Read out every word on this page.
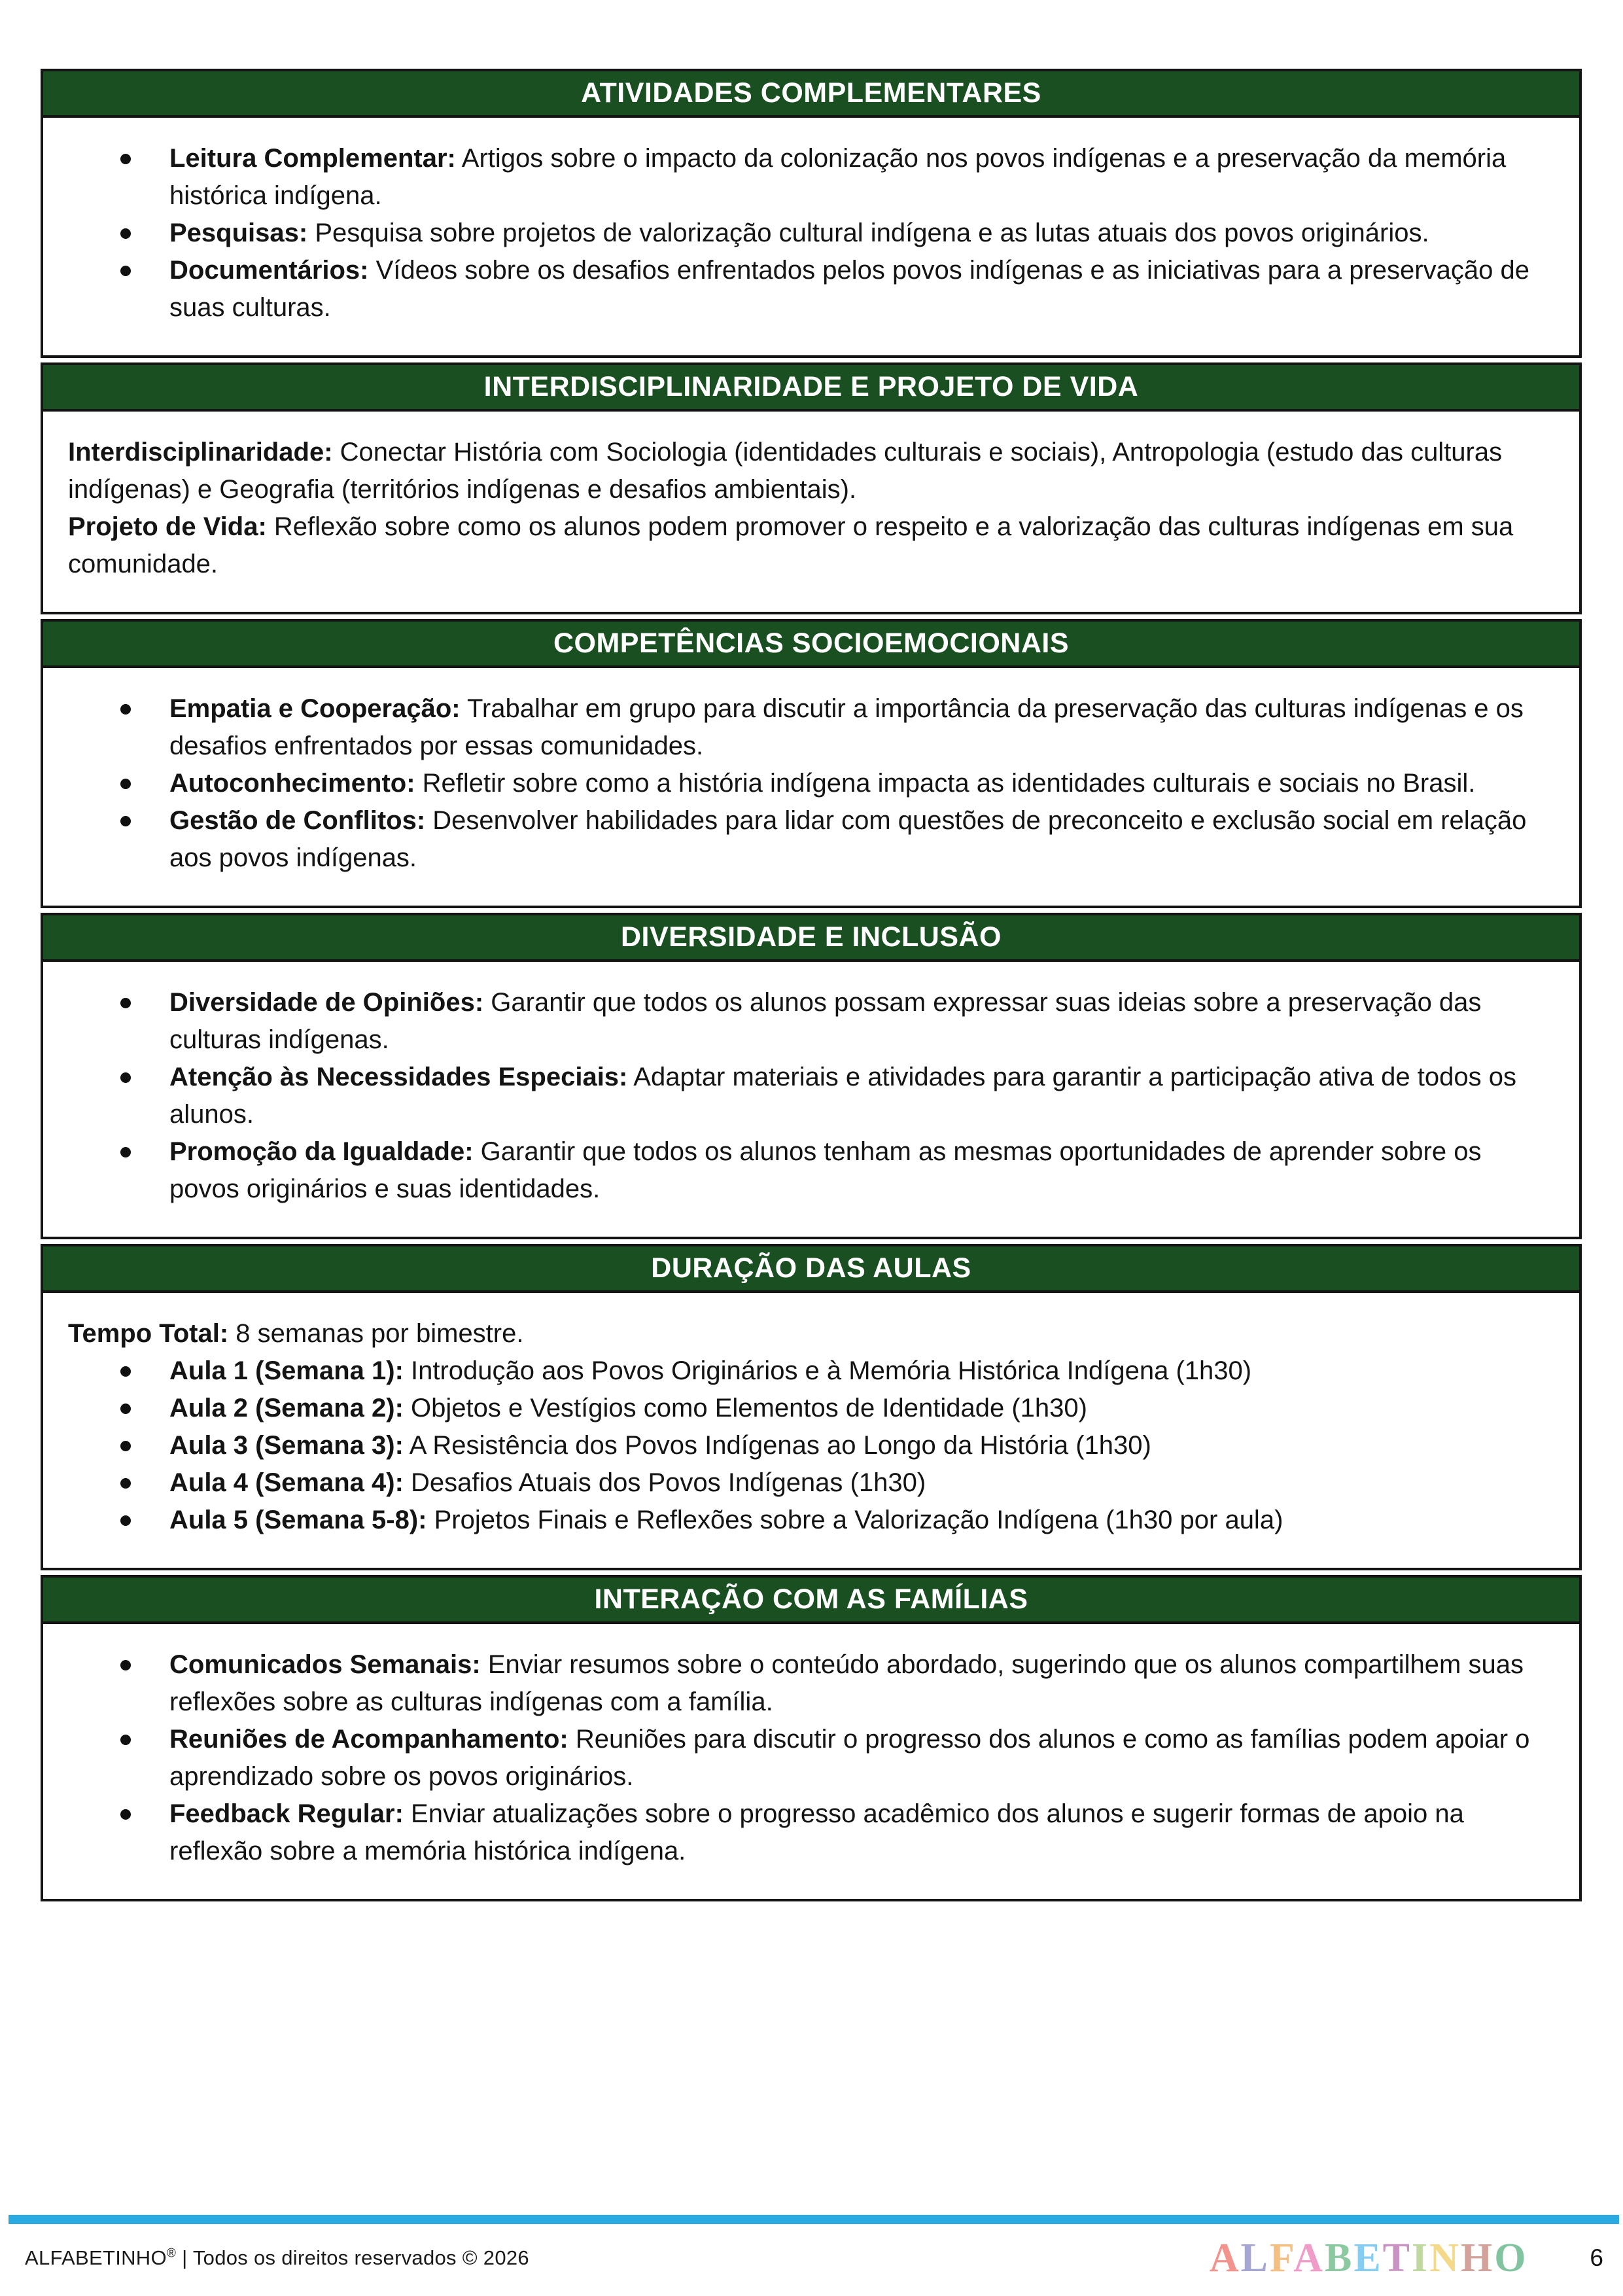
ATIVIDADES COMPLEMENTARES
Leitura Complementar: Artigos sobre o impacto da colonização nos povos indígenas e a preservação da memória histórica indígena.
Pesquisas: Pesquisa sobre projetos de valorização cultural indígena e as lutas atuais dos povos originários.
Documentários: Vídeos sobre os desafios enfrentados pelos povos indígenas e as iniciativas para a preservação de suas culturas.
INTERDISCIPLINARIDADE E PROJETO DE VIDA

Interdisciplinaridade: Conectar História com Sociologia (identidades culturais e sociais), Antropologia (estudo das culturas indígenas) e Geografia (territórios indígenas e desafios ambientais).

Projeto de Vida: Reflexão sobre como os alunos podem promover o respeito e a valorização das culturas indígenas em sua comunidade.

COMPETÊNCIAS SOCIOEMOCIONAIS
Empatia e Cooperação: Trabalhar em grupo para discutir a importância da preservação das culturas indígenas e os desafios enfrentados por essas comunidades.
Autoconhecimento: Refletir sobre como a história indígena impacta as identidades culturais e sociais no Brasil.
Gestão de Conflitos: Desenvolver habilidades para lidar com questões de preconceito e exclusão social em relação aos povos indígenas.
DIVERSIDADE E INCLUSÃO
Diversidade de Opiniões: Garantir que todos os alunos possam expressar suas ideias sobre a preservação das culturas indígenas.
Atenção às Necessidades Especiais: Adaptar materiais e atividades para garantir a participação ativa de todos os alunos.
Promoção da Igualdade: Garantir que todos os alunos tenham as mesmas oportunidades de aprender sobre os povos originários e suas identidades.
DURAÇÃO DAS AULAS

Tempo Total: 8 semanas por bimestre.

Aula 1 (Semana 1): Introdução aos Povos Originários e à Memória Histórica Indígena (1h30)
Aula 2 (Semana 2): Objetos e Vestígios como Elementos de Identidade (1h30)
Aula 3 (Semana 3): A Resistência dos Povos Indígenas ao Longo da História (1h30)
Aula 4 (Semana 4): Desafios Atuais dos Povos Indígenas (1h30)
Aula 5 (Semana 5-8): Projetos Finais e Reflexões sobre a Valorização Indígena (1h30 por aula)
INTERAÇÃO COM AS FAMÍLIAS
Comunicados Semanais: Enviar resumos sobre o conteúdo abordado, sugerindo que os alunos compartilhem suas reflexões sobre as culturas indígenas com a família.
Reuniões de Acompanhamento: Reuniões para discutir o progresso dos alunos e como as famílias podem apoiar o aprendizado sobre os povos originários.
Feedback Regular: Enviar atualizações sobre o progresso acadêmico dos alunos e sugerir formas de apoio na reflexão sobre a memória histórica indígena.
ALFABETINHO® | Todos os direitos reservados © 2026	ALFABETINHO	6
